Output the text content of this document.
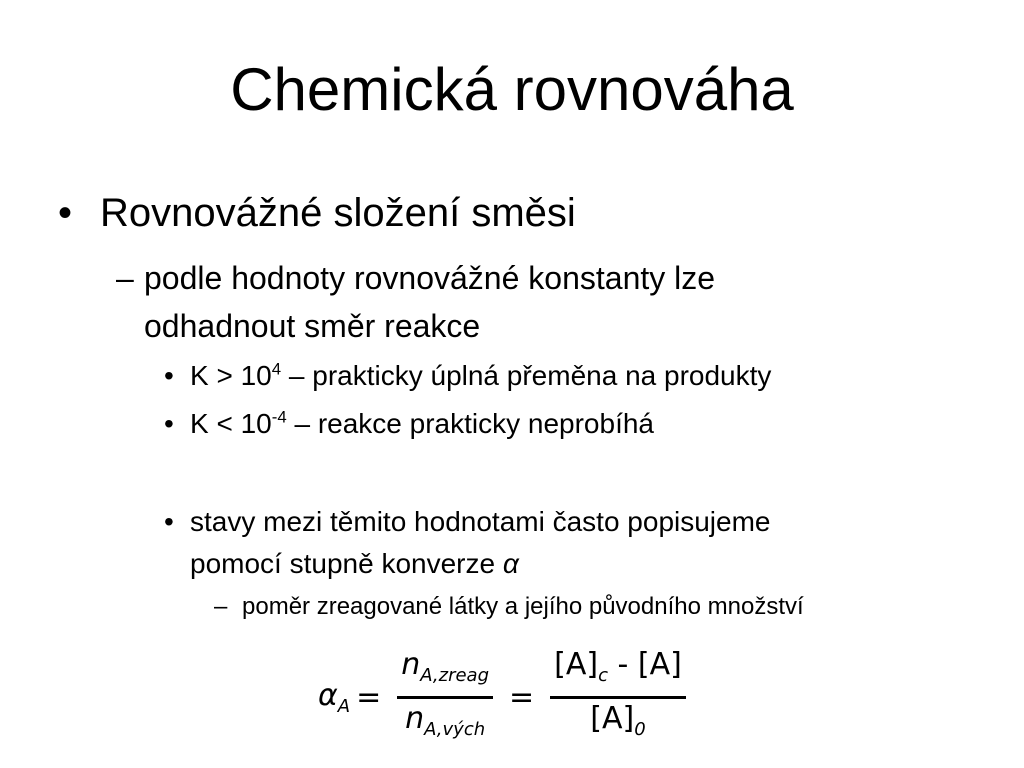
Chemická rovnováha
• Rovnovážné složení směsi
– podle hodnoty rovnovážné konstanty lze
odhadnout směr reakce
• $K > 10^4$ – prakticky úplná přeměna na produkty
• $K < 10^{-4}$ – reakce prakticky neprobíhá
• stavy mezi těmito hodnotami často popisujeme
pomocí stupně konverze α
– poměr zreagované látky a jejího původního množství
$\alpha_A = \frac{n_{A,zreag}}{n_{A,vých}} = \frac{[A]_c - [A]}{[A]_0}$
